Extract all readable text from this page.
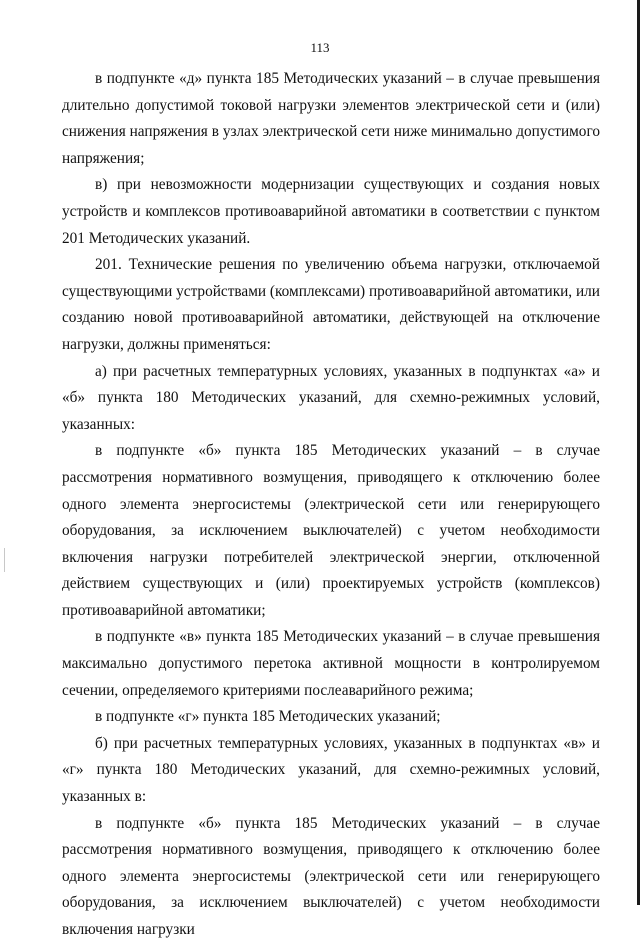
113

в подпункте «д» пункта 185 Методических указаний – в случае превышения длительно допустимой токовой нагрузки элементов электрической сети и (или) снижения напряжения в узлах электрической сети ниже минимально допустимого напряжения;

в) при невозможности модернизации существующих и создания новых устройств и комплексов противоаварийной автоматики в соответствии с пунктом 201 Методических указаний.

201. Технические решения по увеличению объема нагрузки, отключаемой существующими устройствами (комплексами) противоаварийной автоматики, или созданию новой противоаварийной автоматики, действующей на отключение нагрузки, должны применяться:

а) при расчетных температурных условиях, указанных в подпунктах «а» и «б» пункта 180 Методических указаний, для схемно-режимных условий, указанных:

в подпункте «б» пункта 185 Методических указаний – в случае рассмотрения нормативного возмущения, приводящего к отключению более одного элемента энергосистемы (электрической сети или генерирующего оборудования, за исключением выключателей) с учетом необходимости включения нагрузки потребителей электрической энергии, отключенной действием существующих и (или) проектируемых устройств (комплексов) противоаварийной автоматики;

в подпункте «в» пункта 185 Методических указаний – в случае превышения максимально допустимого перетока активной мощности в контролируемом сечении, определяемого критериями послеаварийного режима;

в подпункте «г» пункта 185 Методических указаний;

б) при расчетных температурных условиях, указанных в подпунктах «в» и «г» пункта 180 Методических указаний, для схемно-режимных условий, указанных в:

в подпункте «б» пункта 185 Методических указаний – в случае рассмотрения нормативного возмущения, приводящего к отключению более одного элемента энергосистемы (электрической сети или генерирующего оборудования, за исключением выключателей) с учетом необходимости включения нагрузки
